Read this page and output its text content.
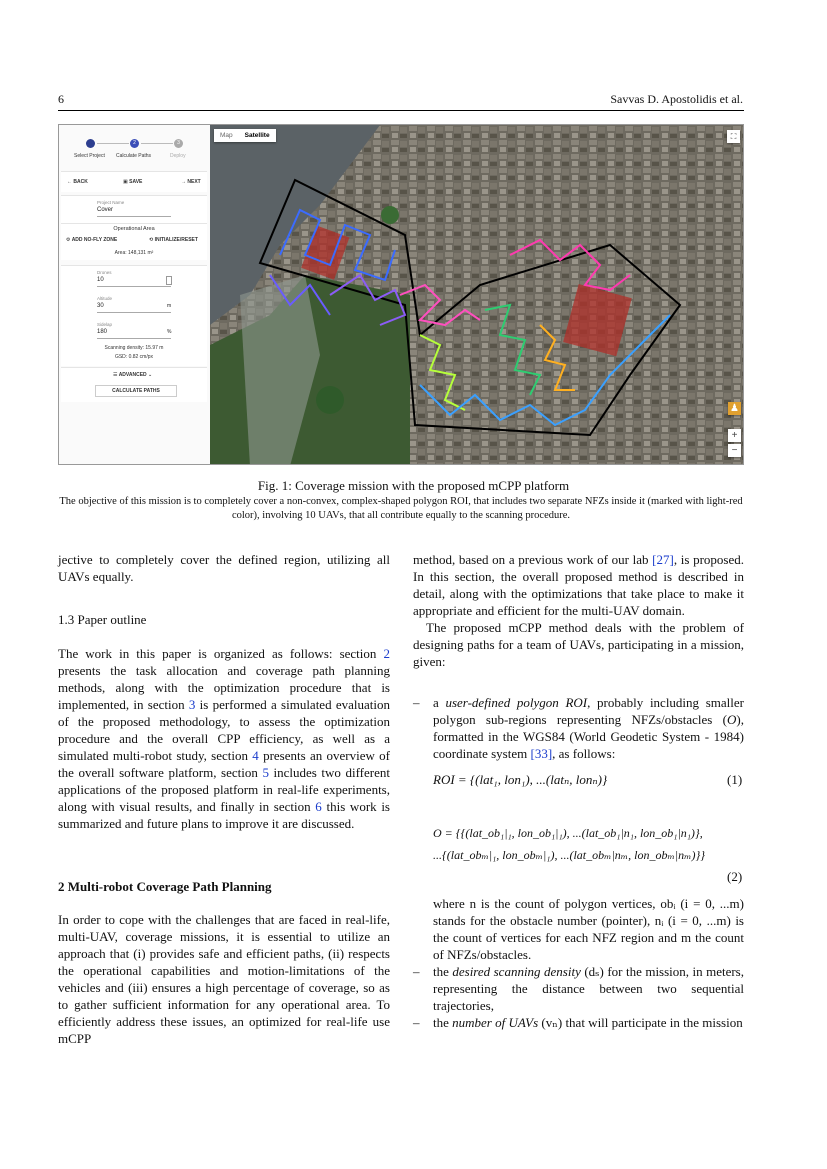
6	Savvas D. Apostolidis et al.
2	3
Select Project Calculate Paths	Deploy
← BACK	▣ SAVE	→ NEXT
Project Name
Cover
Operational Area
⚙ ADD NO-FLY ZONE	⟲ INITIALIZE/RESET
Area: 148,131 m²
Drones
10
Altitude
30	m
Sidelap
180	%
Scanning density: 15.97 m
GSD: 0.82 cm/px
☰ ADVANCED ⌄
CALCULATE PATHS
Map	Satellite	⛶
♟
+
−
Fig. 1: Coverage mission with the proposed mCPP platform
The objective of this mission is to completely cover a non-convex, complex-shaped polygon ROI, that includes two separate NFZs inside it (marked with light-red color), involving 10 UAVs, that all contribute equally to the scanning procedure.

jective to completely cover the defined region, utilizing all UAVs equally.

1.3 Paper outline

The work in this paper is organized as follows: section 2 presents the task allocation and coverage path planning methods, along with the optimization procedure that is implemented, in section 3 is performed a simulated evaluation of the proposed methodology, to assess the optimization procedure and the overall CPP efficiency, as well as a simulated multi-robot study, section 4 presents an overview of the overall software platform, section 5 includes two different applications of the proposed platform in real-life experiments, along with visual results, and finally in section 6 this work is summarized and future plans to improve it are discussed.

2 Multi-robot Coverage Path Planning

In order to cope with the challenges that are faced in real-life, multi-UAV, coverage missions, it is essential to utilize an approach that (i) provides safe and efficient paths, (ii) respects the operational capabilities and motion-limitations of the vehicles and (iii) ensures a high percentage of coverage, so as to gather sufficient information for any operational area. To efficiently address these issues, an optimized for real-life use mCPP

method, based on a previous work of our lab [27], is proposed. In this section, the overall proposed method is described in detail, along with the optimizations that take place to make it appropriate and efficient for the multi-UAV domain.

The proposed mCPP method deals with the problem of designing paths for a team of UAVs, participating in a mission, given:

– a user-defined polygon ROI, probably including smaller polygon sub-regions representing NFZs/obstacles (O), formatted in the WGS84 (World Geodetic System - 1984) coordinate system [33], as follows:
ROI = {(lat₁, lon₁), ...(latₙ, lonₙ)}	(1)
O = {{(lat_ob₁|₁, lon_ob₁|₁), ...(lat_ob₁|n₁, lon_ob₁|n₁)},
...{(lat_obₘ|₁, lon_obₘ|₁), ...(lat_obₘ|nₘ, lon_obₘ|nₘ)}}
(2)

where n is the count of polygon vertices, obᵢ (i = 0, ...m) stands for the obstacle number (pointer), nᵢ (i = 0, ...m) is the count of vertices for each NFZ region and m the count of NFZs/obstacles.

– the desired scanning density (dₛ) for the mission, in meters, representing the distance between two sequential trajectories,
– the number of UAVs (vₙ) that will participate in the mission
